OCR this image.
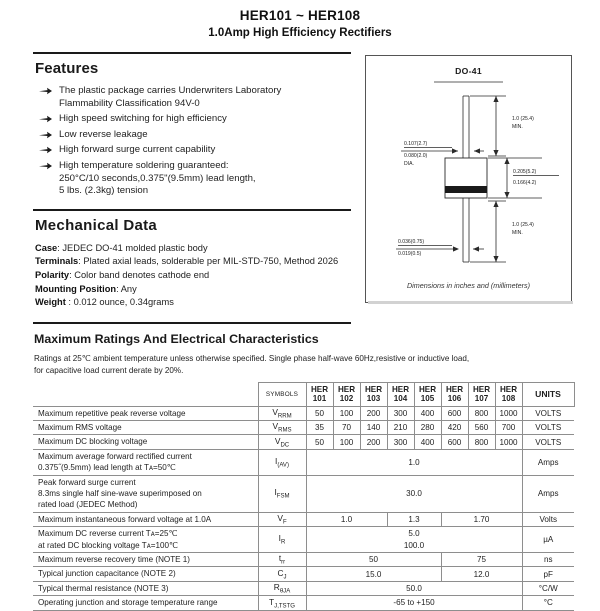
HER101 ~ HER108
1.0Amp High Efficiency Rectifiers
Features
The plastic package carries Underwriters Laboratory
Flammability Classification 94V-0
High speed switching for high efficiency
Low reverse leakage
High forward surge current capability
High temperature soldering guaranteed:
250°C/10 seconds,0.375"(9.5mm) lead length,
5 lbs. (2.3kg) tension
Mechanical Data
Case: JEDEC DO-41 molded plastic body
Terminals: Plated axial leads, solderable per MIL-STD-750, Method 2026
Polarity: Color band denotes cathode end
Mounting Position: Any
Weight : 0.012 ounce, 0.34grams
DO-41
1.0 (25.4)
MIN.
1.0 (25.4)
MIN.
0.107(2.7)
0.080(2.0)
DIA.
0.205(5.2)
0.166(4.2)
0.036(0.75)
0.019(0.5)
Dimensions in inches and (millimeters)
Maximum Ratings And Electrical Characteristics

Ratings at 25℃ ambient temperature unless otherwise specified. Single phase half-wave 60Hz,resistive or inductive load,
for capacitive load current derate by 20%.

	SYMBOLS	HER
101	HER
102	HER
103	HER
104	HER
105	HER
106	HER
107	HER
108	UNITS
Maximum repetitive peak reverse voltage	$V_{RRM}$	50	100	200	300	400	600	800	1000	VOLTS
Maximum RMS voltage	$V_{RMS}$	35	70	140	210	280	420	560	700	VOLTS
Maximum DC blocking voltage	$V_{DC}$	50	100	200	300	400	600	800	1000	VOLTS
Maximum average forward rectified current
0.375˝(9.5mm) lead length at Tᴀ=50℃	$I_{(AV)}$	1.0								Amps
Peak forward surge current
8.3ms single half sine-wave superimposed on
rated load (JEDEC Method)	$I_{FSM}$	30.0								Amps
Maximum instantaneous forward voltage at 1.0A	$V_F$	1.0			1.3		1.70			Volts
Maximum DC reverse current Tᴀ=25℃
at rated DC blocking voltage Tᴀ=100℃	$I_R$	5.0
100.0								µA
Maximum reverse recovery time (NOTE 1)	$t_{rr}$	50					75			ns
Typical junction capacitance (NOTE 2)	$C_J$	15.0					12.0			pF
Typical thermal resistance (NOTE 3)	$R_{\theta JA}$	50.0								°C/W
Operating junction and storage temperature range	$T_{J,TSTG}$	-65 to +150								°C
